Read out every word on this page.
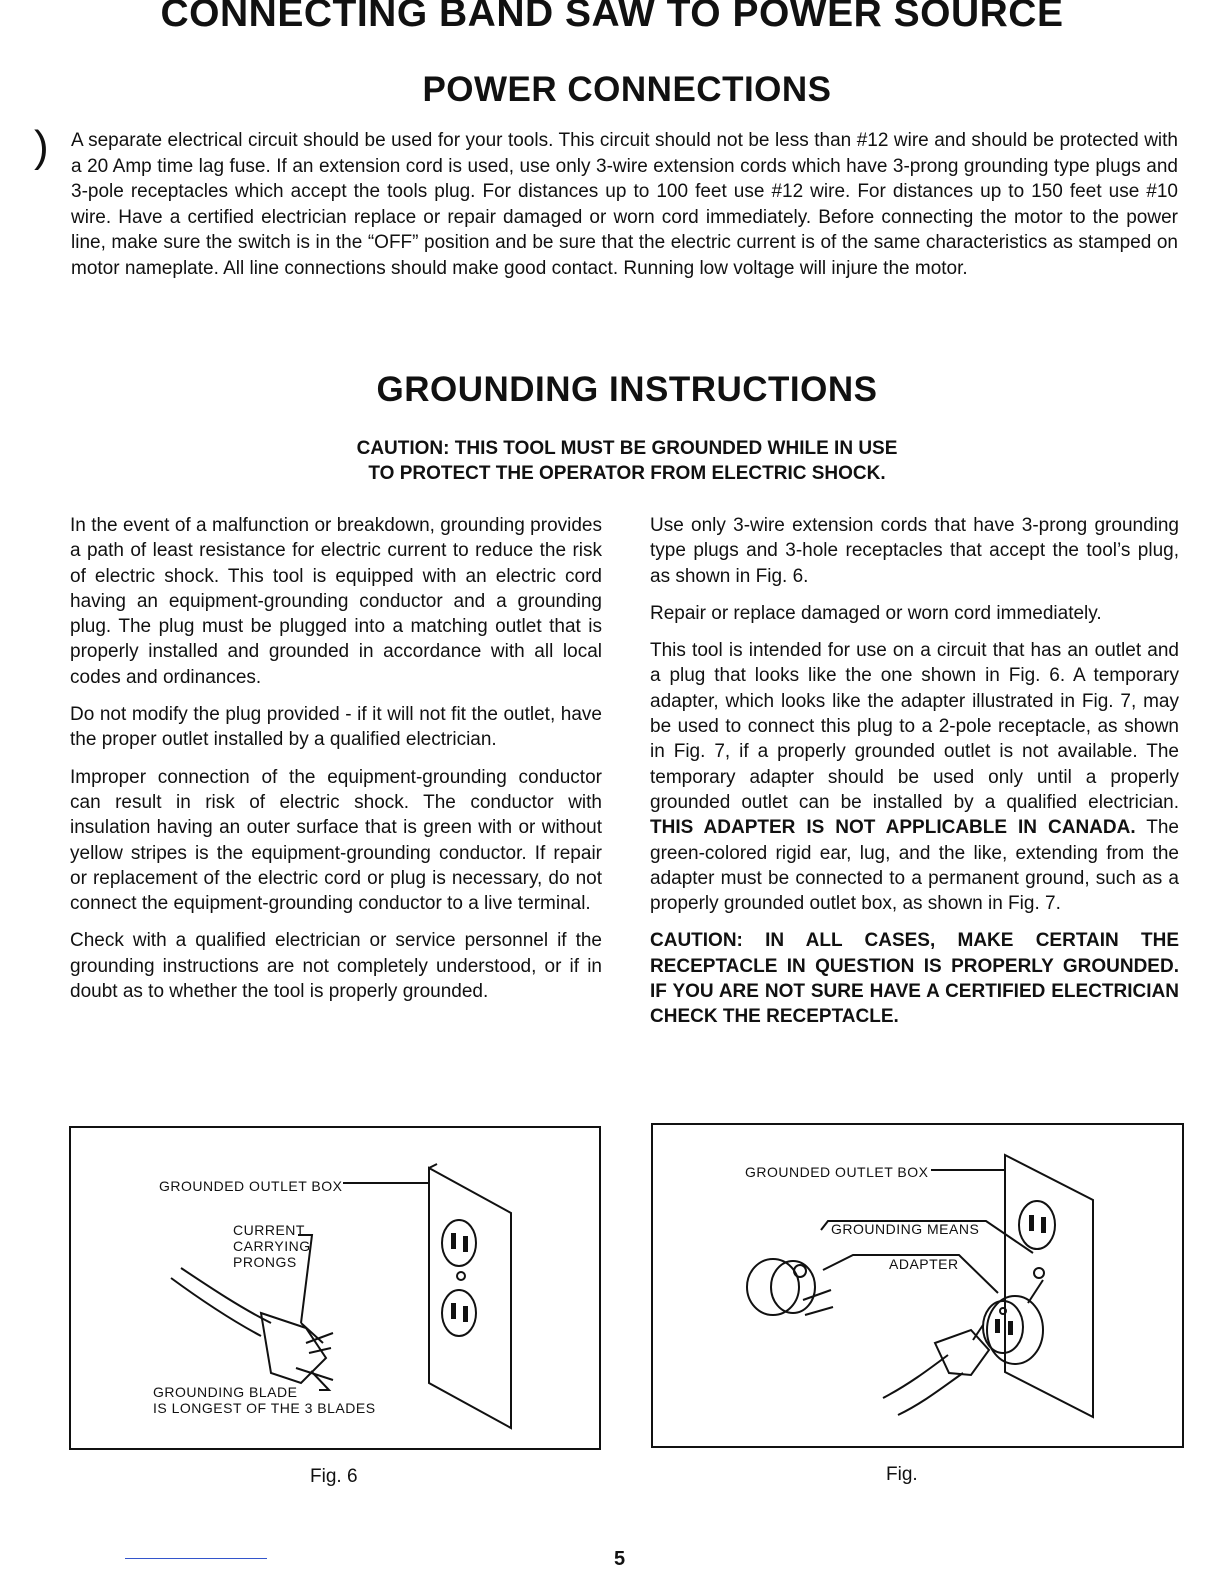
CONNECTING BAND SAW TO POWER SOURCE
POWER CONNECTIONS
) A separate electrical circuit should be used for your tools. This circuit should not be less than #12 wire and should be protected with a 20 Amp time lag fuse. If an extension cord is used, use only 3-wire extension cords which have 3-prong grounding type plugs and 3-pole receptacles which accept the tools plug. For distances up to 100 feet use #12 wire. For distances up to 150 feet use #10 wire. Have a certified electrician replace or repair damaged or worn cord immediately. Before connecting the motor to the power line, make sure the switch is in the “OFF” position and be sure that the electric current is of the same characteristics as stamped on motor nameplate. All line connections should make good contact. Running low voltage will injure the motor.

GROUNDING INSTRUCTIONS
CAUTION: THIS TOOL MUST BE GROUNDED WHILE IN USE
TO PROTECT THE OPERATOR FROM ELECTRIC SHOCK.

In the event of a malfunction or breakdown, grounding provides a path of least resistance for electric current to reduce the risk of electric shock. This tool is equipped with an electric cord having an equipment-grounding conductor and a grounding plug. The plug must be plugged into a matching outlet that is properly installed and grounded in accordance with all local codes and ordinances.

Do not modify the plug provided - if it will not fit the outlet, have the proper outlet installed by a qualified electrician.

Improper connection of the equipment-grounding conductor can result in risk of electric shock. The conductor with insulation having an outer surface that is green with or without yellow stripes is the equipment-grounding conductor. If repair or replacement of the electric cord or plug is necessary, do not connect the equipment-grounding conductor to a live terminal.

Check with a qualified electrician or service personnel if the grounding instructions are not completely understood, or if in doubt as to whether the tool is properly grounded.

Use only 3-wire extension cords that have 3-prong grounding type plugs and 3-hole receptacles that accept the tool’s plug, as shown in Fig. 6.

Repair or replace damaged or worn cord immediately.

This tool is intended for use on a circuit that has an outlet and a plug that looks like the one shown in Fig. 6. A temporary adapter, which looks like the adapter illustrated in Fig. 7, may be used to connect this plug to a 2-pole receptacle, as shown in Fig. 7, if a properly grounded outlet is not available. The temporary adapter should be used only until a properly grounded outlet can be installed by a qualified electrician. THIS ADAPTER IS NOT APPLICABLE IN CANADA. The green-colored rigid ear, lug, and the like, extending from the adapter must be connected to a permanent ground, such as a properly grounded outlet box, as shown in Fig. 7.

CAUTION: IN ALL CASES, MAKE CERTAIN THE RECEPTACLE IN QUESTION IS PROPERLY GROUNDED. IF YOU ARE NOT SURE HAVE A CERTIFIED ELECTRICIAN CHECK THE RECEPTACLE.

GROUNDED OUTLET BOX
CURRENT
CARRYING
PRONGS
GROUNDING BLADE
IS LONGEST OF THE 3 BLADES
Fig. 6
GROUNDED OUTLET BOX
GROUNDING MEANS
ADAPTER
Fig.
5
